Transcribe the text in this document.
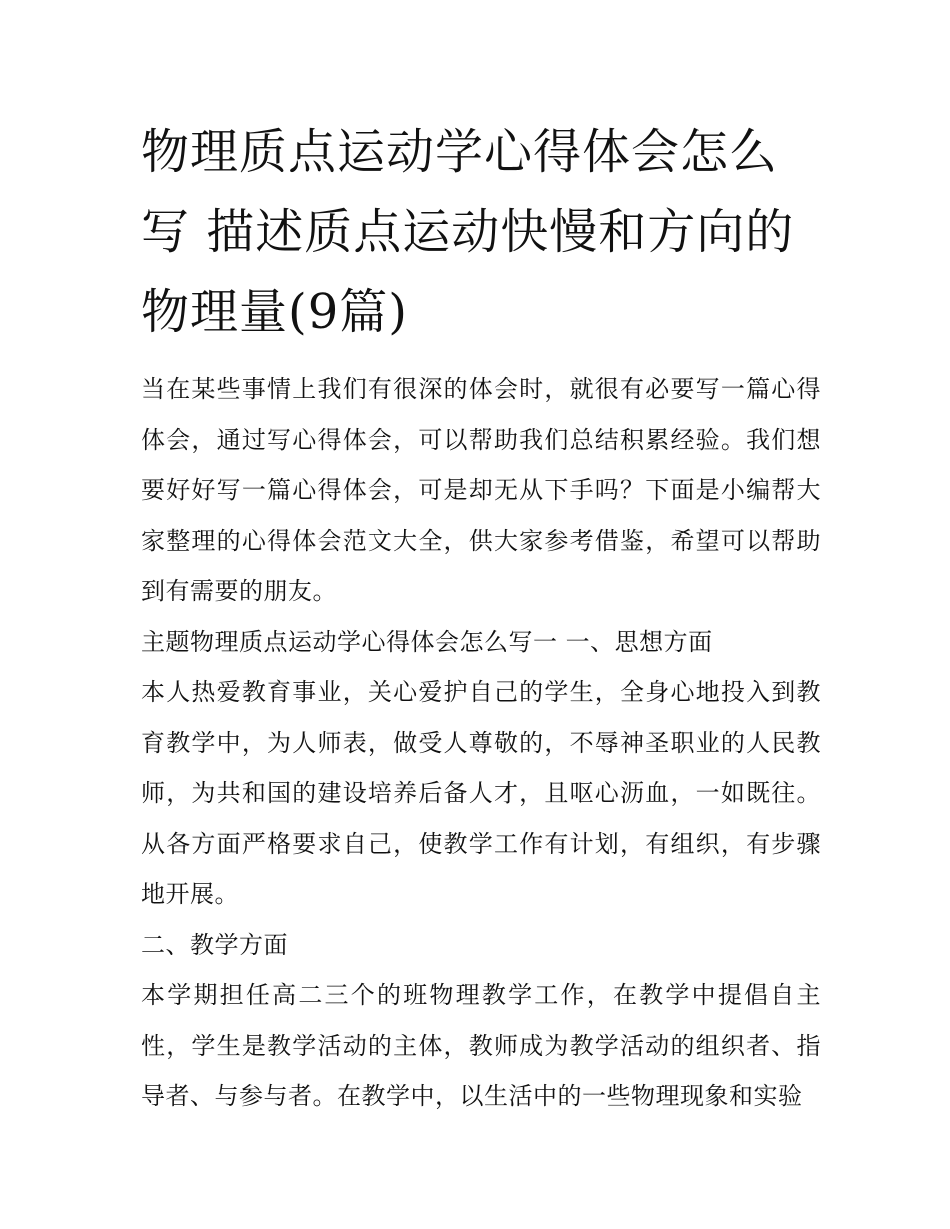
物理质点运动学心得体会怎么写 描述质点运动快慢和方向的物理量(9篇)

当在某些事情上我们有很深的体会时，就很有必要写一篇心得体会，通过写心得体会，可以帮助我们总结积累经验。我们想要好好写一篇心得体会，可是却无从下手吗？下面是小编帮大家整理的心得体会范文大全，供大家参考借鉴，希望可以帮助到有需要的朋友。

主题物理质点运动学心得体会怎么写一 一、思想方面

本人热爱教育事业，关心爱护自己的学生，全身心地投入到教育教学中，为人师表，做受人尊敬的，不辱神圣职业的人民教师，为共和国的建设培养后备人才，且呕心沥血，一如既往。从各方面严格要求自己，使教学工作有计划，有组织，有步骤地开展。

二、教学方面

本学期担任高二三个的班物理教学工作，在教学中提倡自主性，学生是教学活动的主体，教师成为教学活动的组织者、指导者、与参与者。在教学中，以生活中的一些物理现象和实验
